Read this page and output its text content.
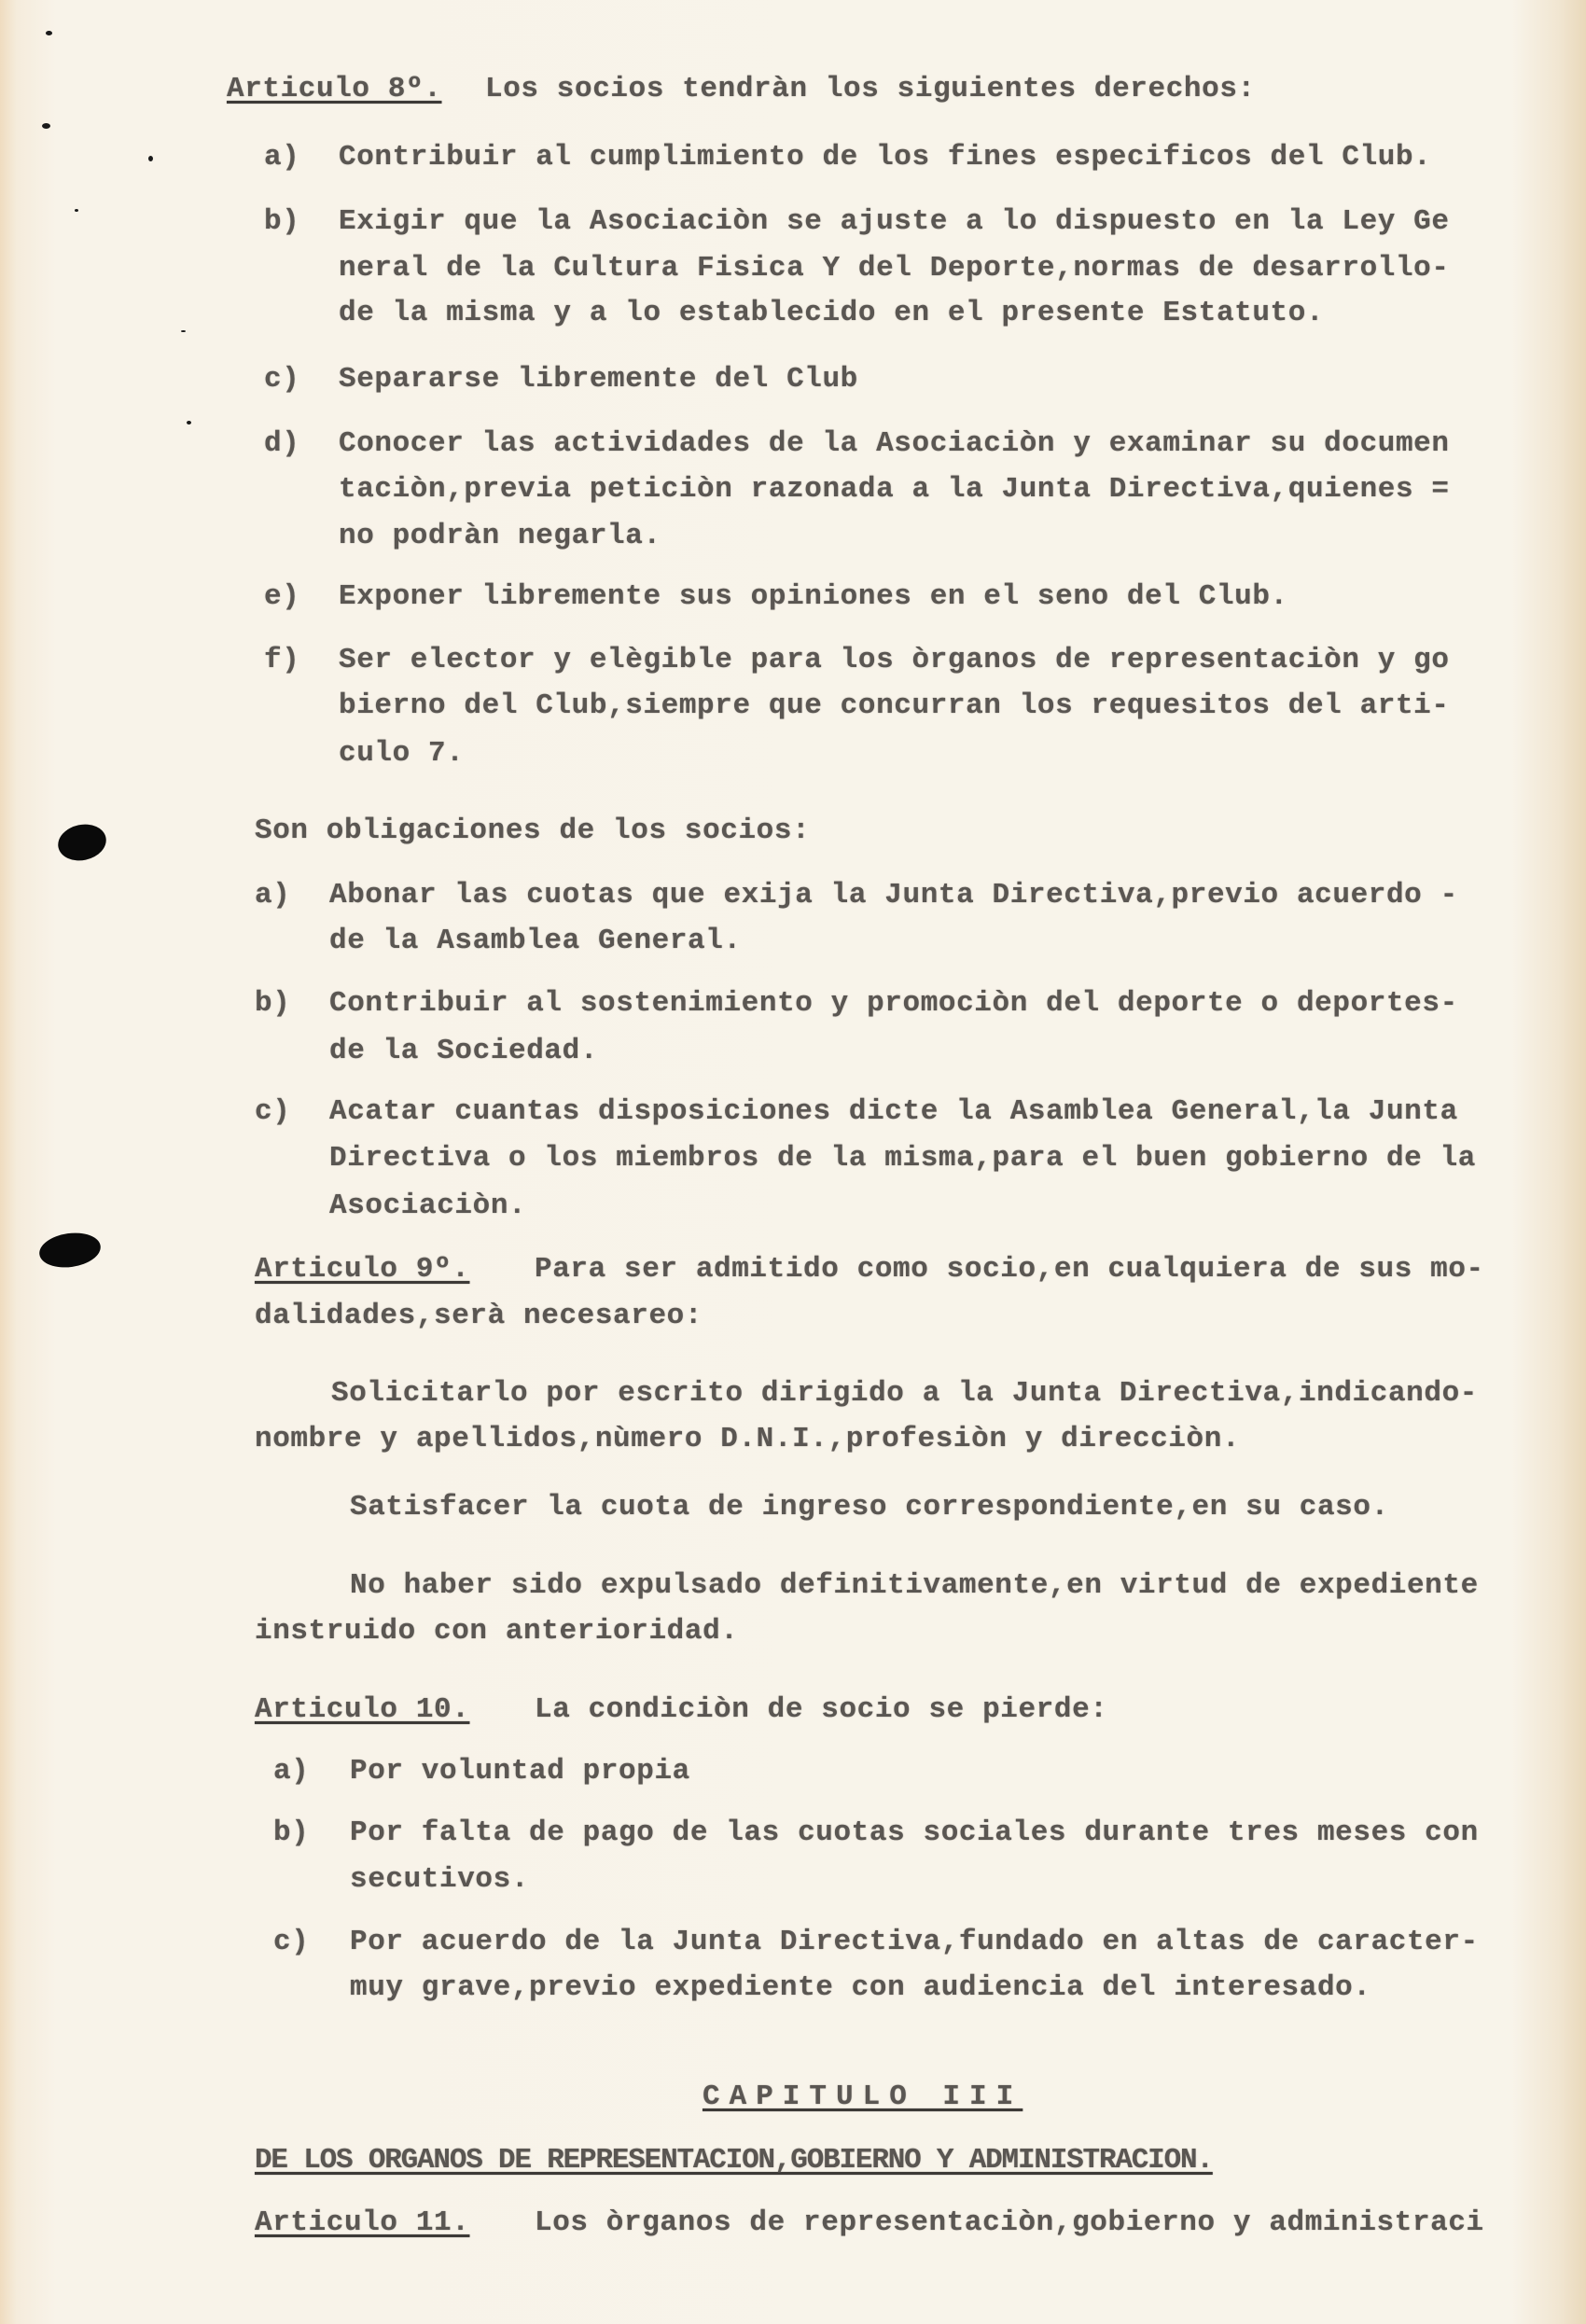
Articulo 8º. Los socios tendràn los siguientes derechos:
a) Contribuir al cumplimiento de los fines especificos del Club.
b) Exigir que la Asociaciòn se ajuste a lo dispuesto en la Ley Ge
neral de la Cultura Fisica Y del Deporte,normas de desarrollo-
de la misma y a lo establecido en el presente Estatuto.
c) Separarse libremente del Club
d) Conocer las actividades de la Asociaciòn y examinar su documen
taciòn,previa peticiòn razonada a la Junta Directiva,quienes =
no podràn negarla.
e) Exponer libremente sus opiniones en el seno del Club.
f) Ser elector y elègible para los òrganos de representaciòn y go
bierno del Club,siempre que concurran los requesitos del arti-
culo 7.
Son obligaciones de los socios:
a) Abonar las cuotas que exija la Junta Directiva,previo acuerdo -
de la Asamblea General.
b) Contribuir al sostenimiento y promociòn del deporte o deportes-
de la Sociedad.
c) Acatar cuantas disposiciones dicte la Asamblea General,la Junta
Directiva o los miembros de la misma,para el buen gobierno de la
Asociaciòn.
Articulo 9º. Para ser admitido como socio,en cualquiera de sus mo-
dalidades,serà necesareo:
Solicitarlo por escrito dirigido a la Junta Directiva,indicando-
nombre y apellidos,nùmero D.N.I.,profesiòn y direcciòn.
Satisfacer la cuota de ingreso correspondiente,en su caso.
No haber sido expulsado definitivamente,en virtud de expediente
instruido con anterioridad.
Articulo 10. La condiciòn de socio se pierde:
a) Por voluntad propia
b) Por falta de pago de las cuotas sociales durante tres meses con
secutivos.
c) Por acuerdo de la Junta Directiva,fundado en altas de caracter-
muy grave,previo expediente con audiencia del interesado.
CAPITULO III
DE LOS ORGANOS DE REPRESENTACION,GOBIERNO Y ADMINISTRACION.
Articulo 11. Los òrganos de representaciòn,gobierno y administraci
